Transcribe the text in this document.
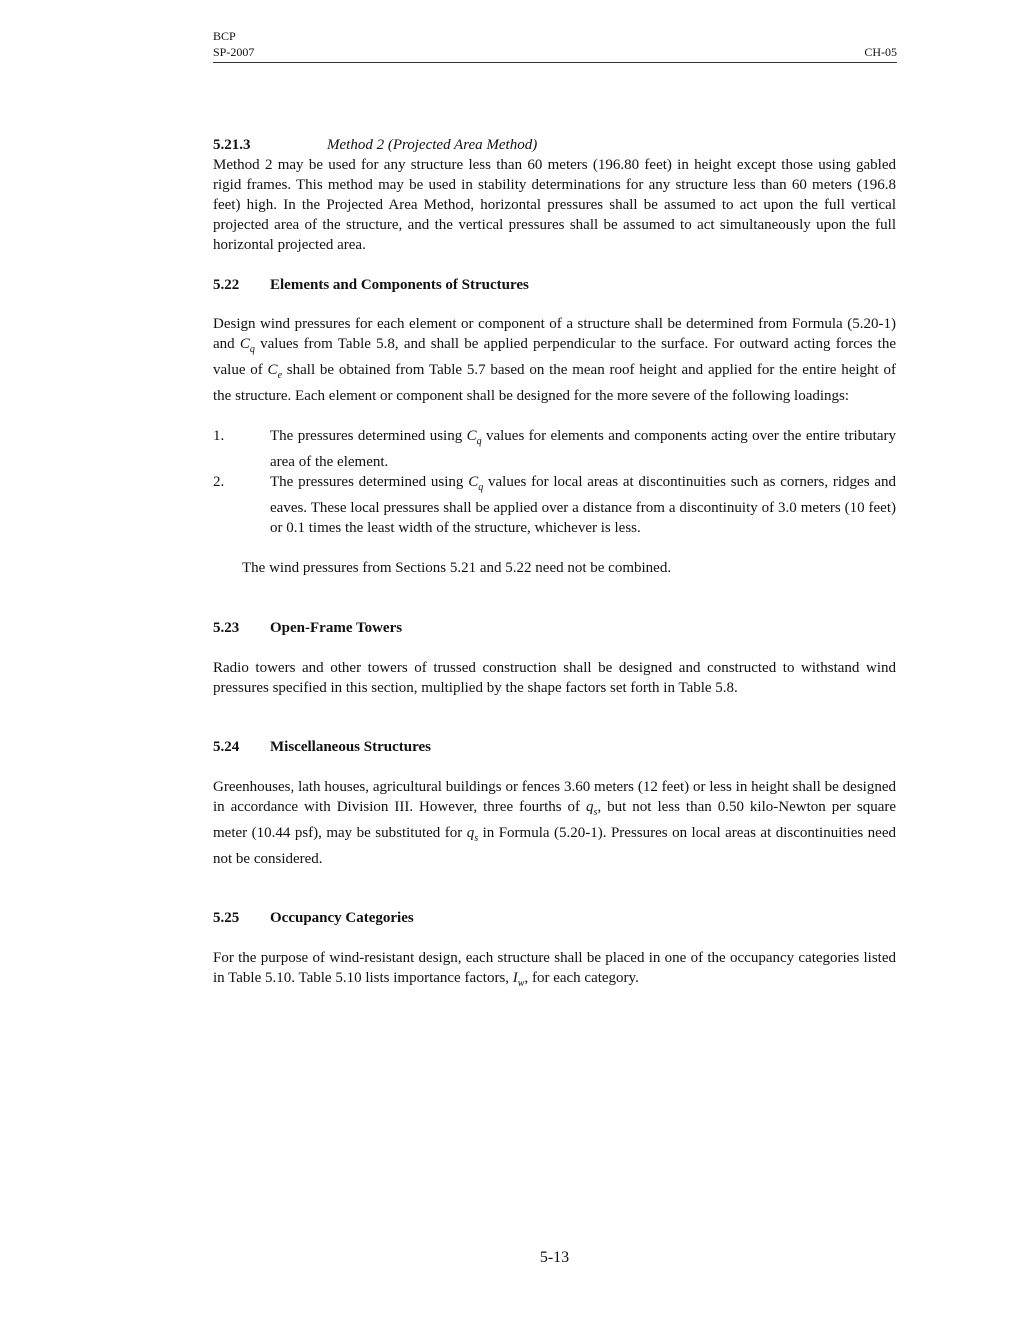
BCP
SP-2007	CH-05
5.21.3	Method 2 (Projected Area Method)

Method 2 may be used for any structure less than 60 meters (196.80 feet) in height except those using gabled rigid frames. This method may be used in stability determinations for any structure less than 60 meters (196.8 feet) high. In the Projected Area Method, horizontal pressures shall be assumed to act upon the full vertical projected area of the structure, and the vertical pressures shall be assumed to act simultaneously upon the full horizontal projected area.

5.22	Elements and Components of Structures

Design wind pressures for each element or component of a structure shall be determined from Formula (5.20-1) and $C_q$ values from Table 5.8, and shall be applied perpendicular to the surface. For outward acting forces the value of $C_e$ shall be obtained from Table 5.7 based on the mean roof height and applied for the entire height of the structure. Each element or component shall be designed for the more severe of the following loadings:

1.	The pressures determined using $C_q$ values for elements and components acting over the entire tributary area of the element.
2.	The pressures determined using $C_q$ values for local areas at discontinuities such as corners, ridges and eaves. These local pressures shall be applied over a distance from a discontinuity of 3.0 meters (10 feet) or 0.1 times the least width of the structure, whichever is less.

The wind pressures from Sections 5.21 and 5.22 need not be combined.

5.23	Open-Frame Towers

Radio towers and other towers of trussed construction shall be designed and constructed to withstand wind pressures specified in this section, multiplied by the shape factors set forth in Table 5.8.

5.24	Miscellaneous Structures

Greenhouses, lath houses, agricultural buildings or fences 3.60 meters (12 feet) or less in height shall be designed in accordance with Division III. However, three fourths of $q_s$, but not less than 0.50 kilo-Newton per square meter (10.44 psf), may be substituted for $q_s$ in Formula (5.20-1). Pressures on local areas at discontinuities need not be considered.

5.25	Occupancy Categories

For the purpose of wind-resistant design, each structure shall be placed in one of the occupancy categories listed in Table 5.10. Table 5.10 lists importance factors, $I_w$, for each category.

5-13
